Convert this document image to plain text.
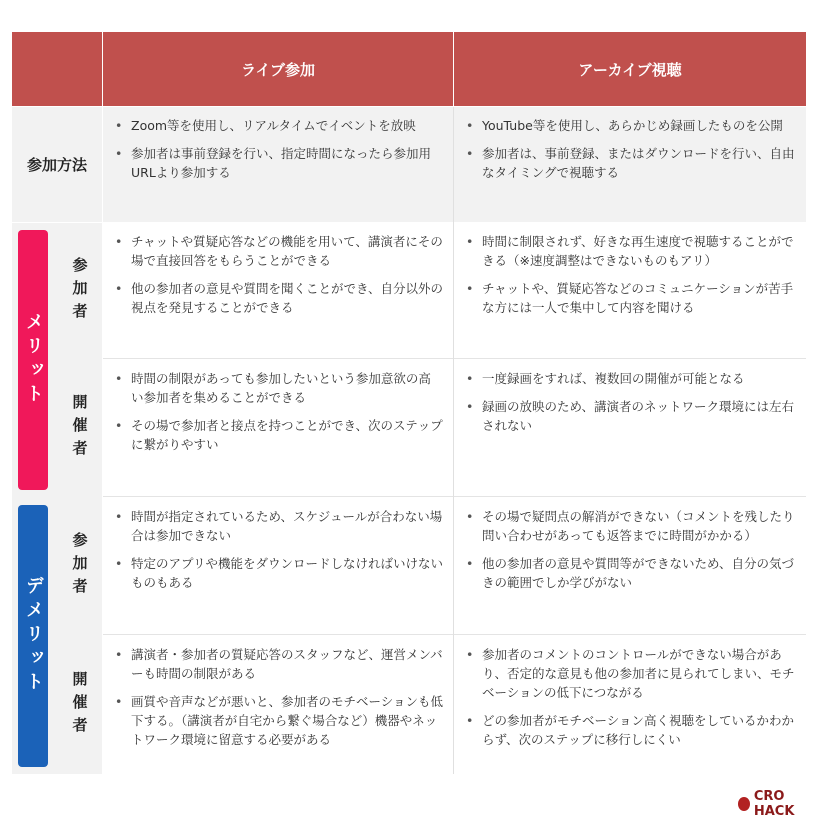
ライブ参加	アーカイブ視聴
参加方法
• Zoom等を使用し、リアルタイムでイベントを放映
• 参加者は事前登録を行い、指定時間になったら参加用URLより参加する
• YouTube等を使用し、あらかじめ録画したものを公開
• 参加者は、事前登録、またはダウンロードを行い、自由なタイミングで視聴する
メリット
デメリット
参加者
• チャットや質疑応答などの機能を用いて、講演者にその場で直接回答をもらうことができる
• 他の参加者の意見や質問を聞くことができ、自分以外の視点を発見することができる
• 時間に制限されず、好きな再生速度で視聴することができる（※速度調整はできないものもアリ）
• チャットや、質疑応答などのコミュニケーションが苦手な方には一人で集中して内容を聞ける
開催者
• 時間の制限があっても参加したいという参加意欲の高い参加者を集めることができる
• その場で参加者と接点を持つことができ、次のステップに繋がりやすい
• 一度録画をすれば、複数回の開催が可能となる
• 録画の放映のため、講演者のネットワーク環境には左右されない
参加者
• 時間が指定されているため、スケジュールが合わない場合は参加できない
• 特定のアプリや機能をダウンロードしなければいけないものもある
• その場で疑問点の解消ができない（コメントを残したり問い合わせがあっても返答までに時間がかかる）
• 他の参加者の意見や質問等ができないため、自分の気づきの範囲でしか学びがない
開催者
• 講演者・参加者の質疑応答のスタッフなど、運営メンバーも時間の制限がある
• 画質や音声などが悪いと、参加者のモチベーションも低下する。（講演者が自宅から繋ぐ場合など）機器やネットワーク環境に留意する必要がある
• 参加者のコメントのコントロールができない場合があり、否定的な意見も他の参加者に見られてしまい、モチベーションの低下につながる
• どの参加者がモチベーション高く視聴をしているかわからず、次のステップに移行しにくい
CRO HACK
